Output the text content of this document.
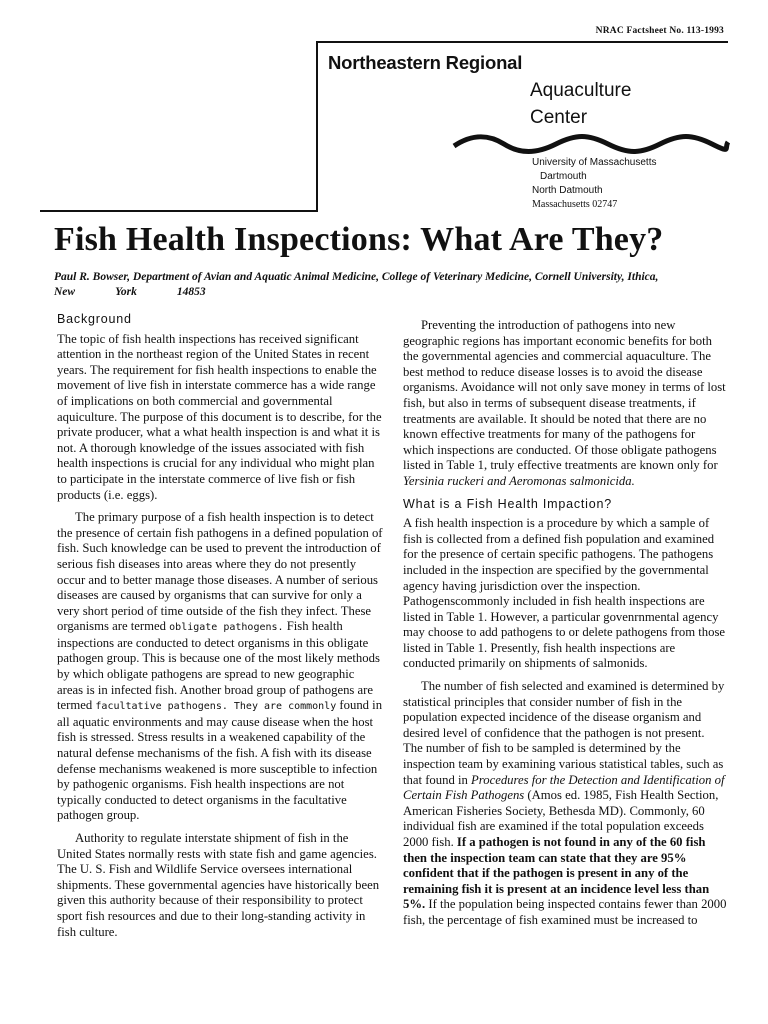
NRAC Factsheet No. 113-1993
Northeastern Regional
Aquaculture
Center
University of Massachusetts
Dartmouth
North Datmouth
Massachusetts 02747
Fish Health Inspections: What Are They?
Paul R. Bowser, Department of Avian and Aquatic Animal Medicine, College of Veterinary Medicine, Cornell University, Ithica,
New	York	14853
Background

The topic of fish health inspections has received significant attention in the northeast region of the United States in recent years. The requirement for fish health inspections to enable the movement of live fish in interstate commerce has a wide range of implications on both commercial and governmental aquiculture. The purpose of this document is to describe, for the private producer, what a what health inspection is and what it is not. A thorough knowledge of the issues associated with fish health inspections is crucial for any individual who might plan to participate in the interstate commerce of live fish or fish products (i.e. eggs).

The primary purpose of a fish health inspection is to detect the presence of certain fish pathogens in a defined population of fish. Such knowledge can be used to prevent the introduction of serious fish diseases into areas where they do not presently occur and to better manage those diseases. A number of serious diseases are caused by organisms that can survive for only a very short period of time outside of the fish they infect. These organisms are termed obligate pathogens. Fish health inspections are conducted to detect organisms in this obligate pathogen group. This is because one of the most likely methods by which obligate pathogens are spread to new geographic areas is in infected fish. Another broad group of pathogens are termed facultative pathogens. They are commonly found in all aquatic environments and may cause disease when the host fish is stressed. Stress results in a weakened capability of the natural defense mechanisms of the fish. A fish with its disease defense mechanisms weakened is more susceptible to infection by pathogenic organisms. Fish health inspections are not typically conducted to detect organisms in the facultative pathogen group.

Authority to regulate interstate shipment of fish in the United States normally rests with state fish and game agencies. The U. S. Fish and Wildlife Service oversees international shipments. These governmental agencies have historically been given this authority because of their responsibility to protect sport fish resources and due to their long-standing activity in fish culture.

Preventing the introduction of pathogens into new geographic regions has important economic benefits for both the governmental agencies and commercial aquaculture. The best method to reduce disease losses is to avoid the disease organisms. Avoidance will not only save money in terms of lost fish, but also in terms of subsequent disease treatments, if treatments are available. It should be noted that there are no known effective treatments for many of the pathogens for which inspections are conducted. Of those obligate pathogens listed in Table 1, truly effective treatments are known only for Yersinia ruckeri and Aeromonas salmonicida.

What is a Fish Health Impaction?

A fish health inspection is a procedure by which a sample of fish is collected from a defined fish population and examined for the presence of certain specific pathogens. The pathogens included in the inspection are specified by the governmental agency having jurisdiction over the inspection. Pathogenscommonly included in fish health inspections are listed in Table 1. However, a particular govenrnmental agency may choose to add pathogens to or delete pathogens from those listed in Table 1. Presently, fish health inspections are conducted primarily on shipments of salmonids.

The number of fish selected and examined is determined by statistical principles that consider number of fish in the population expected incidence of the disease organism and desired level of confidence that the pathogen is not present. The number of fish to be sampled is determined by the inspection team by examining various statistical tables, such as that found in Procedures for the Detection and Identification of Certain Fish Pathogens (Amos ed. 1985, Fish Health Section, American Fisheries Society, Bethesda MD). Commonly, 60 individual fish are examined if the total population exceeds 2000 fish. If a pathogen is not found in any of the 60 fish then the inspection team can state that they are 95% confident that if the pathogen is present in any of the remaining fish it is present at an incidence level less than 5%. If the population being inspected contains fewer than 2000 fish, the percentage of fish examined must be increased to
